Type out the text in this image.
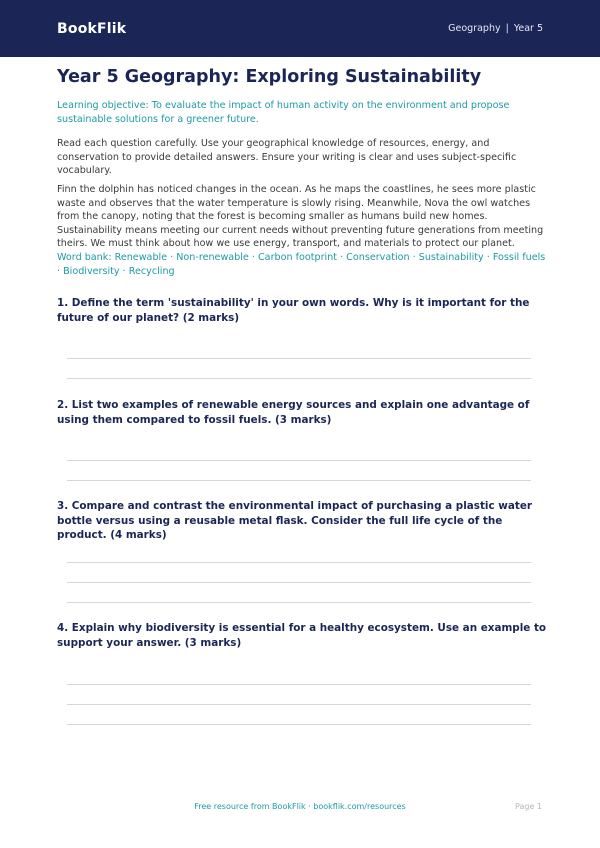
BookFlik	Geography | Year 5
Year 5 Geography: Exploring Sustainability

Learning objective: To evaluate the impact of human activity on the environment and propose sustainable solutions for a greener future.

Read each question carefully. Use your geographical knowledge of resources, energy, and conservation to provide detailed answers. Ensure your writing is clear and uses subject-specific vocabulary.

Finn the dolphin has noticed changes in the ocean. As he maps the coastlines, he sees more plastic waste and observes that the water temperature is slowly rising. Meanwhile, Nova the owl watches from the canopy, noting that the forest is becoming smaller as humans build new homes. Sustainability means meeting our current needs without preventing future generations from meeting theirs. We must think about how we use energy, transport, and materials to protect our planet.

Word bank: Renewable · Non-renewable · Carbon footprint · Conservation · Sustainability · Fossil fuels · Biodiversity · Recycling

1. Define the term 'sustainability' in your own words. Why is it important for the future of our planet? (2 marks)

2. List two examples of renewable energy sources and explain one advantage of using them compared to fossil fuels. (3 marks)

3. Compare and contrast the environmental impact of purchasing a plastic water bottle versus using a reusable metal flask. Consider the full life cycle of the product. (4 marks)

4. Explain why biodiversity is essential for a healthy ecosystem. Use an example to support your answer. (3 marks)

Free resource from BookFlik · bookflik.com/resources	Page 1
